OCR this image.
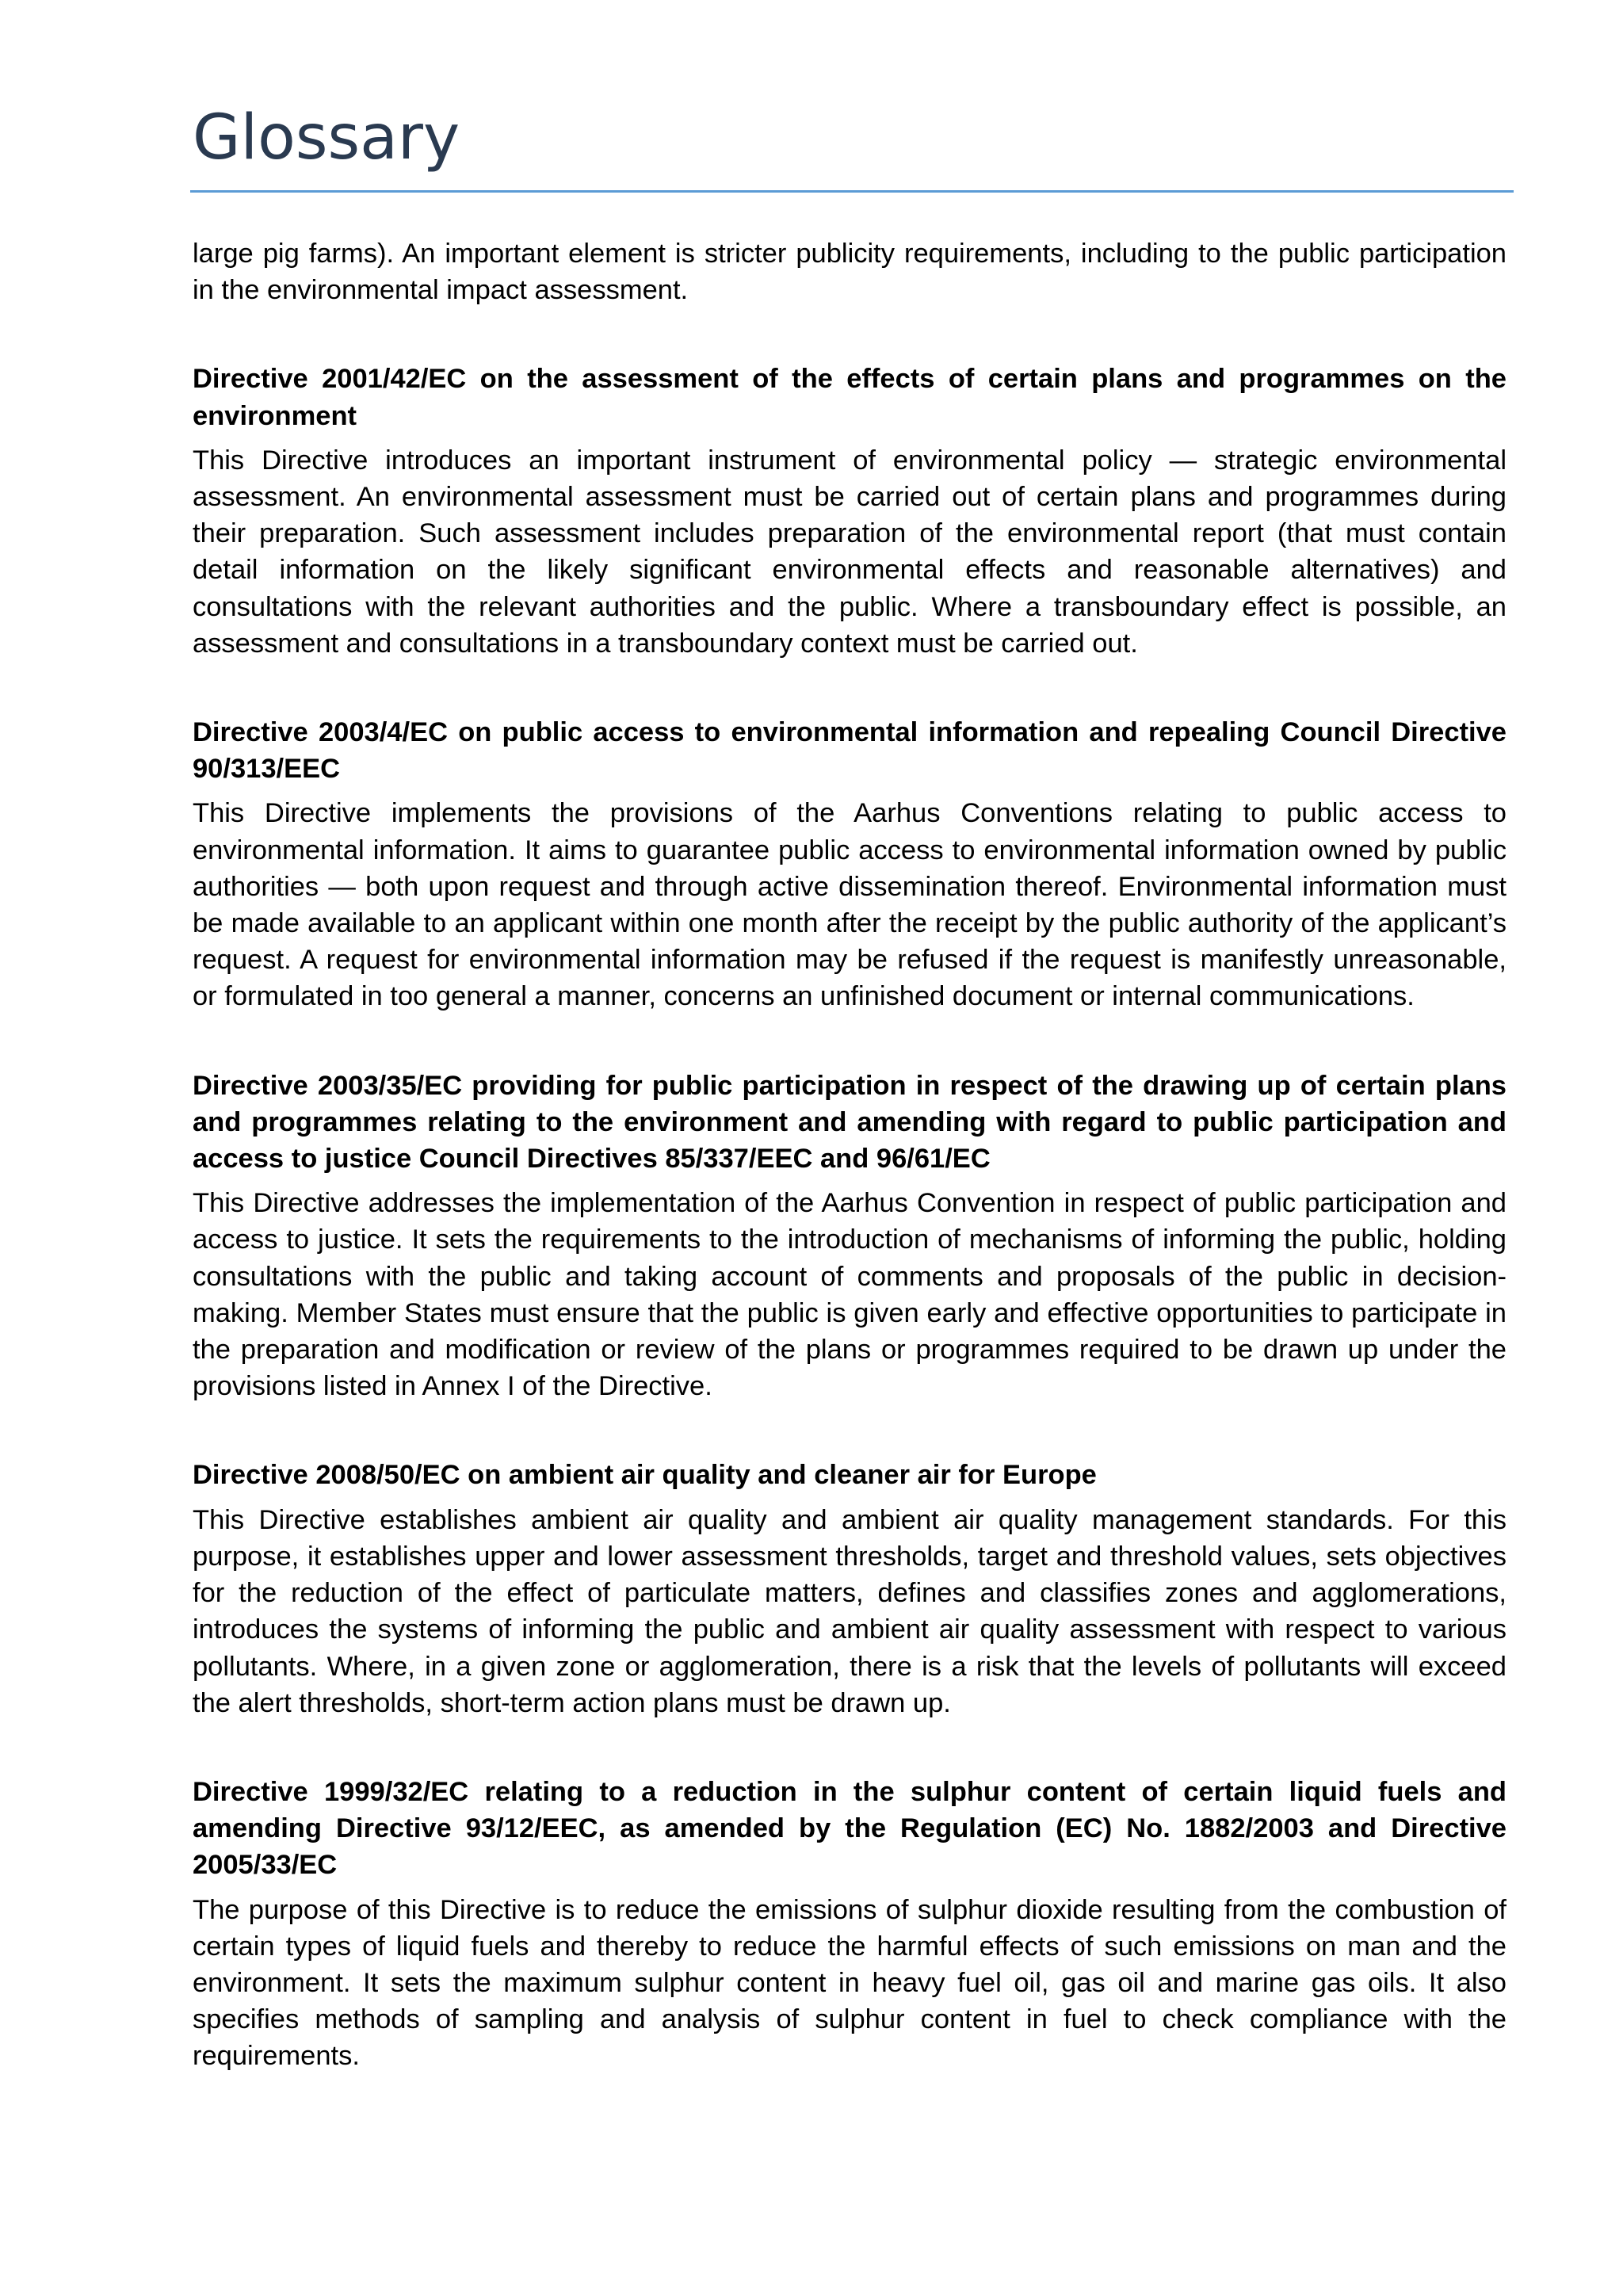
Glossary

large pig farms). An important element is stricter publicity requirements, including to the public participation in the environmental impact assessment.

Directive 2001/42/EC on the assessment of the effects of certain plans and programmes on the environment

This Directive introduces an important instrument of environmental policy — strategic environmental assessment. An environmental assessment must be carried out of certain plans and programmes during their preparation. Such assessment includes preparation of the environmental report (that must contain detail information on the likely significant environmental effects and reasonable alternatives) and consultations with the relevant authorities and the public. Where a transboundary effect is possible, an assessment and consultations in a transboundary context must be carried out.

Directive 2003/4/EC on public access to environmental information and repealing Council Directive 90/313/EEC

This Directive implements the provisions of the Aarhus Conventions relating to public access to environmental information. It aims to guarantee public access to environmental information owned by public authorities — both upon request and through active dissemination thereof. Environmental information must be made available to an applicant within one month after the receipt by the public authority of the applicant’s request. A request for environmental information may be refused if the request is manifestly unreasonable, or formulated in too general a manner, concerns an unfinished document or internal communications.

Directive 2003/35/EC providing for public participation in respect of the drawing up of certain plans and programmes relating to the environment and amending with regard to public participation and access to justice Council Directives 85/337/EEC and 96/61/EC

This Directive addresses the implementation of the Aarhus Convention in respect of public participation and access to justice. It sets the requirements to the introduction of mechanisms of informing the public, holding consultations with the public and taking account of comments and proposals of the public in decision-making. Member States must ensure that the public is given early and effective opportunities to participate in the preparation and modification or review of the plans or programmes required to be drawn up under the provisions listed in Annex I of the Directive.

Directive 2008/50/EC on ambient air quality and cleaner air for Europe

This Directive establishes ambient air quality and ambient air quality management standards. For this purpose, it establishes upper and lower assessment thresholds, target and threshold values, sets objectives for the reduction of the effect of particulate matters, defines and classifies zones and agglomerations, introduces the systems of informing the public and ambient air quality assessment with respect to various pollutants. Where, in a given zone or agglomeration, there is a risk that the levels of pollutants will exceed the alert thresholds, short-term action plans must be drawn up.

Directive 1999/32/EC relating to a reduction in the sulphur content of certain liquid fuels and amending Directive 93/12/EEC, as amended by the Regulation (EC) No. 1882/2003 and Directive 2005/33/EC

The purpose of this Directive is to reduce the emissions of sulphur dioxide resulting from the combustion of certain types of liquid fuels and thereby to reduce the harmful effects of such emissions on man and the environment. It sets the maximum sulphur content in heavy fuel oil, gas oil and marine gas oils. It also specifies methods of sampling and analysis of sulphur content in fuel to check compliance with the requirements.
